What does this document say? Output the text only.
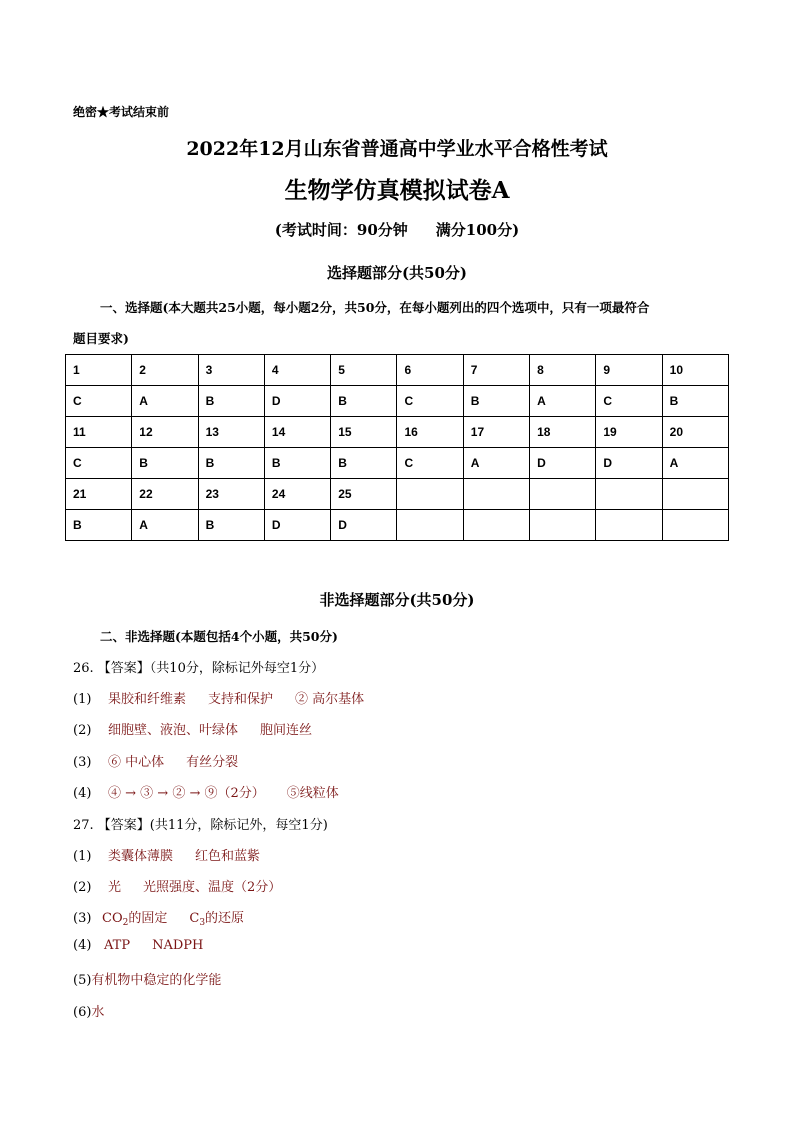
绝密★考试结束前
2022年12月山东省普通高中学业水平合格性考试
生物学仿真模拟试卷A
(考试时间：90分钟 满分100分)
选择题部分(共50分)
一、选择题(本大题共25小题，每小题2分，共50分，在每小题列出的四个选项中，只有一项最符合
题目要求)
1	2	3	4	5	6	7	8	9	10
C	A	B	D	B	C	B	A	C	B
11	12	13	14	15	16	17	18	19	20
C	B	B	B	B	C	A	D	D	A
21	22	23	24	25					
B	A	B	D	D					
非选择题部分(共50分)
二、非选择题(本题包括4个小题，共50分)
26. 【答案】（共10分，除标记外每空1分）
(1) 果胶和纤维素 支持和保护 ② 高尔基体
(2) 细胞壁、液泡、叶绿体 胞间连丝
(3) ⑥ 中心体 有丝分裂
(4) ④ → ③ → ② → ⑨（2分） ⑤线粒体
27. 【答案】(共11分，除标记外，每空1分)
(1) 类囊体薄膜 红色和蓝紫
(2) 光 光照强度、温度（2分）
(3) $CO_2$的固定 $C_3$的还原
(4) ATP NADPH
(5)有机物中稳定的化学能
(6)水
